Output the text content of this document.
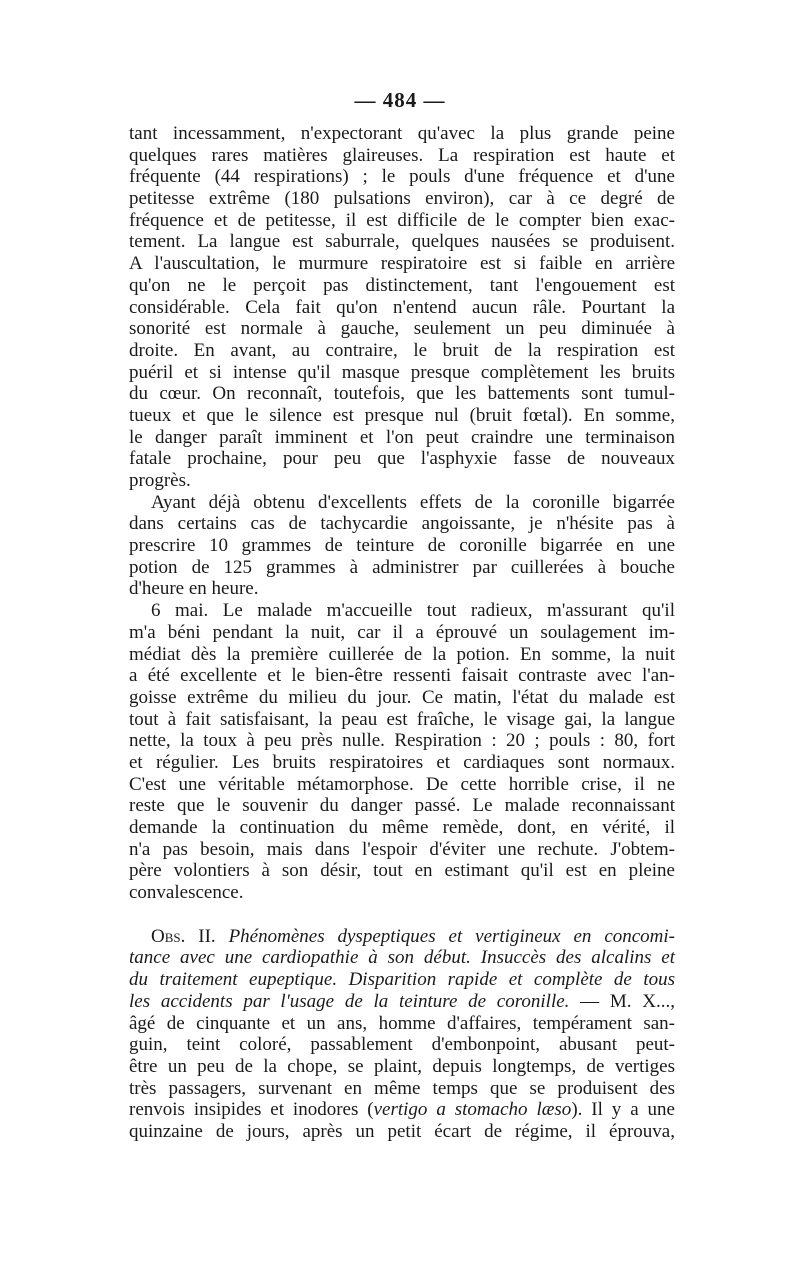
— 484 —
tant incessamment, n'expectorant qu'avec la plus grande peine
quelques rares matières glaireuses. La respiration est haute et
fréquente (44 respirations) ; le pouls d'une fréquence et d'une
petitesse extrême (180 pulsations environ), car à ce degré de
fréquence et de petitesse, il est difficile de le compter bien exac-
tement. La langue est saburrale, quelques nausées se produisent.
A l'auscultation, le murmure respiratoire est si faible en arrière
qu'on ne le perçoit pas distinctement, tant l'engouement est
considérable. Cela fait qu'on n'entend aucun râle. Pourtant la
sonorité est normale à gauche, seulement un peu diminuée à
droite. En avant, au contraire, le bruit de la respiration est
puéril et si intense qu'il masque presque complètement les bruits
du cœur. On reconnaît, toutefois, que les battements sont tumul-
tueux et que le silence est presque nul (bruit fœtal). En somme,
le danger paraît imminent et l'on peut craindre une terminaison
fatale prochaine, pour peu que l'asphyxie fasse de nouveaux
progrès.
Ayant déjà obtenu d'excellents effets de la coronille bigarrée
dans certains cas de tachycardie angoissante, je n'hésite pas à
prescrire 10 grammes de teinture de coronille bigarrée en une
potion de 125 grammes à administrer par cuillerées à bouche
d'heure en heure.
6 mai. Le malade m'accueille tout radieux, m'assurant qu'il
m'a béni pendant la nuit, car il a éprouvé un soulagement im-
médiat dès la première cuillerée de la potion. En somme, la nuit
a été excellente et le bien-être ressenti faisait contraste avec l'an-
goisse extrême du milieu du jour. Ce matin, l'état du malade est
tout à fait satisfaisant, la peau est fraîche, le visage gai, la langue
nette, la toux à peu près nulle. Respiration : 20 ; pouls : 80, fort
et régulier. Les bruits respiratoires et cardiaques sont normaux.
C'est une véritable métamorphose. De cette horrible crise, il ne
reste que le souvenir du danger passé. Le malade reconnaissant
demande la continuation du même remède, dont, en vérité, il
n'a pas besoin, mais dans l'espoir d'éviter une rechute. J'obtem-
père volontiers à son désir, tout en estimant qu'il est en pleine
convalescence.
Obs. II. Phénomènes dyspeptiques et vertigineux en concomi-
tance avec une cardiopathie à son début. Insuccès des alcalins et
du traitement eupeptique. Disparition rapide et complète de tous
les accidents par l'usage de la teinture de coronille. — M. X...,
âgé de cinquante et un ans, homme d'affaires, tempérament san-
guin, teint coloré, passablement d'embonpoint, abusant peut-
être un peu de la chope, se plaint, depuis longtemps, de vertiges
très passagers, survenant en même temps que se produisent des
renvois insipides et inodores (vertigo a stomacho læso). Il y a une
quinzaine de jours, après un petit écart de régime, il éprouva,
